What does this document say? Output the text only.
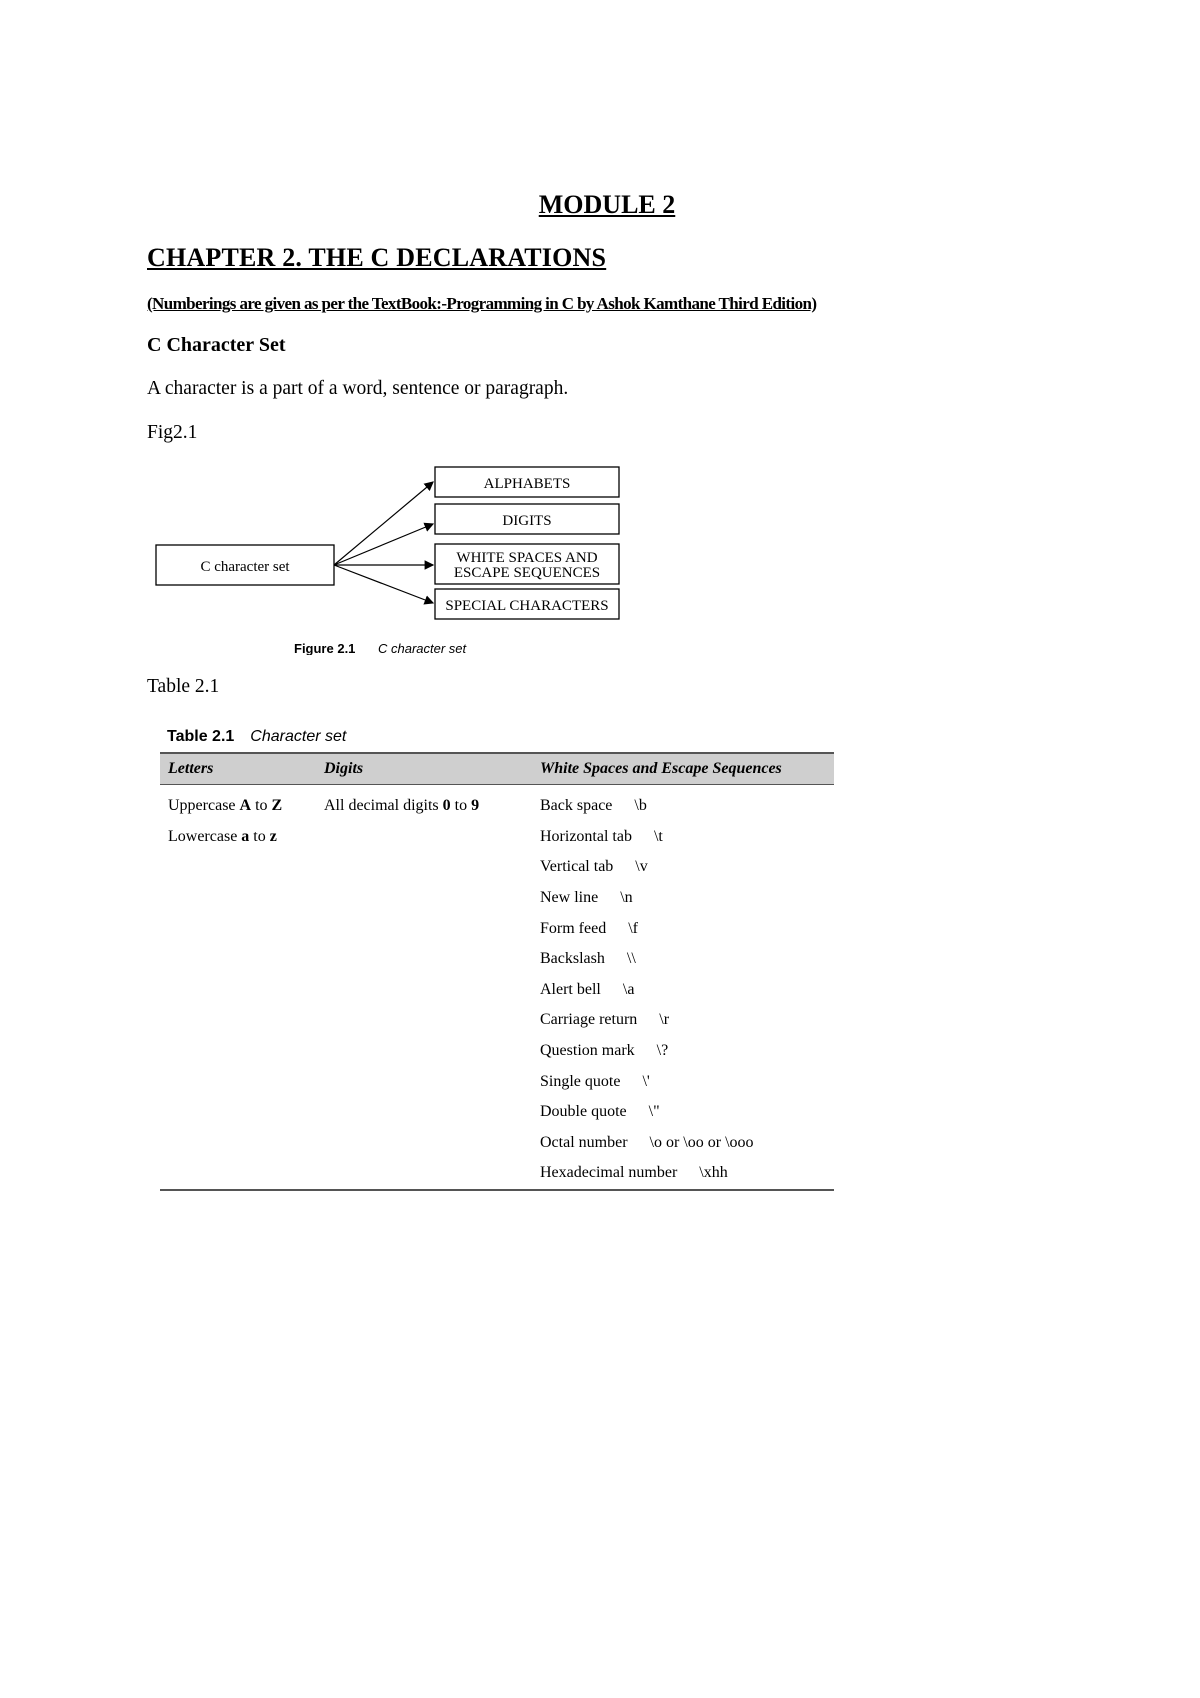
MODULE 2
CHAPTER 2. THE C DECLARATIONS

(Numberings are given as per the TextBook:-Programming in C by Ashok Kamthane Third Edition)

C Character Set

A character is a part of a word, sentence or paragraph.

Fig2.1

C character set
ALPHABETS
DIGITS
WHITE SPACES AND
ESCAPE SEQUENCES
SPECIAL CHARACTERS
Figure 2.1 C character set

Table 2.1

Table 2.1 Character set

Letters	Digits	White Spaces and Escape Sequences
Uppercase A to Z	All decimal digits 0 to 9	Back space \b
Lowercase a to z		Horizontal tab \t
		Vertical tab \v
		New line \n
		Form feed \f
		Backslash \\
		Alert bell \a
		Carriage return \r
		Question mark \?
		Single quote \'
		Double quote \"
		Octal number \o or \oo or \ooo
		Hexadecimal number \xhh
